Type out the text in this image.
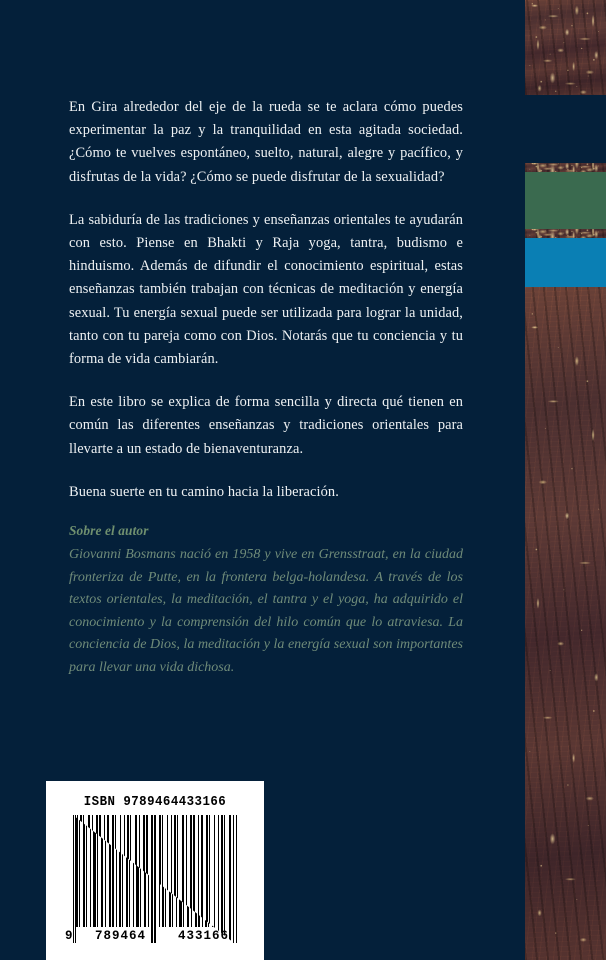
En Gira alrededor del eje de la rueda se te aclara cómo puedes experimentar la paz y la tranquilidad en esta agitada sociedad. ¿Cómo te vuelves espontáneo, suelto, natural, alegre y pacífico, y disfrutas de la vida? ¿Cómo se puede disfrutar de la sexualidad?

La sabiduría de las tradiciones y enseñanzas orientales te ayudarán con esto. Piense en Bhakti y Raja yoga, tantra, budismo e hinduismo. Además de difundir el conocimiento espiritual, estas enseñanzas también trabajan con técnicas de meditación y energía sexual. Tu energía sexual puede ser utilizada para lograr la unidad, tanto con tu pareja como con Dios. Notarás que tu conciencia y tu forma de vida cambiarán.

En este libro se explica de forma sencilla y directa qué tienen en común las diferentes enseñanzas y tradiciones orientales para llevarte a un estado de bienaventuranza.

Buena suerte en tu camino hacia la liberación.

Sobre el autor

Giovanni Bosmans nació en 1958 y vive en Grensstraat, en la ciudad fronteriza de Putte, en la frontera belga-holandesa. A través de los textos orientales, la meditación, el tantra y el yoga, ha adquirido el conocimiento y la comprensión del hilo común que lo atraviesa. La conciencia de Dios, la meditación y la energía sexual son importantes para llevar una vida dichosa.

ISBN 9789464433166
9	789464	433166
